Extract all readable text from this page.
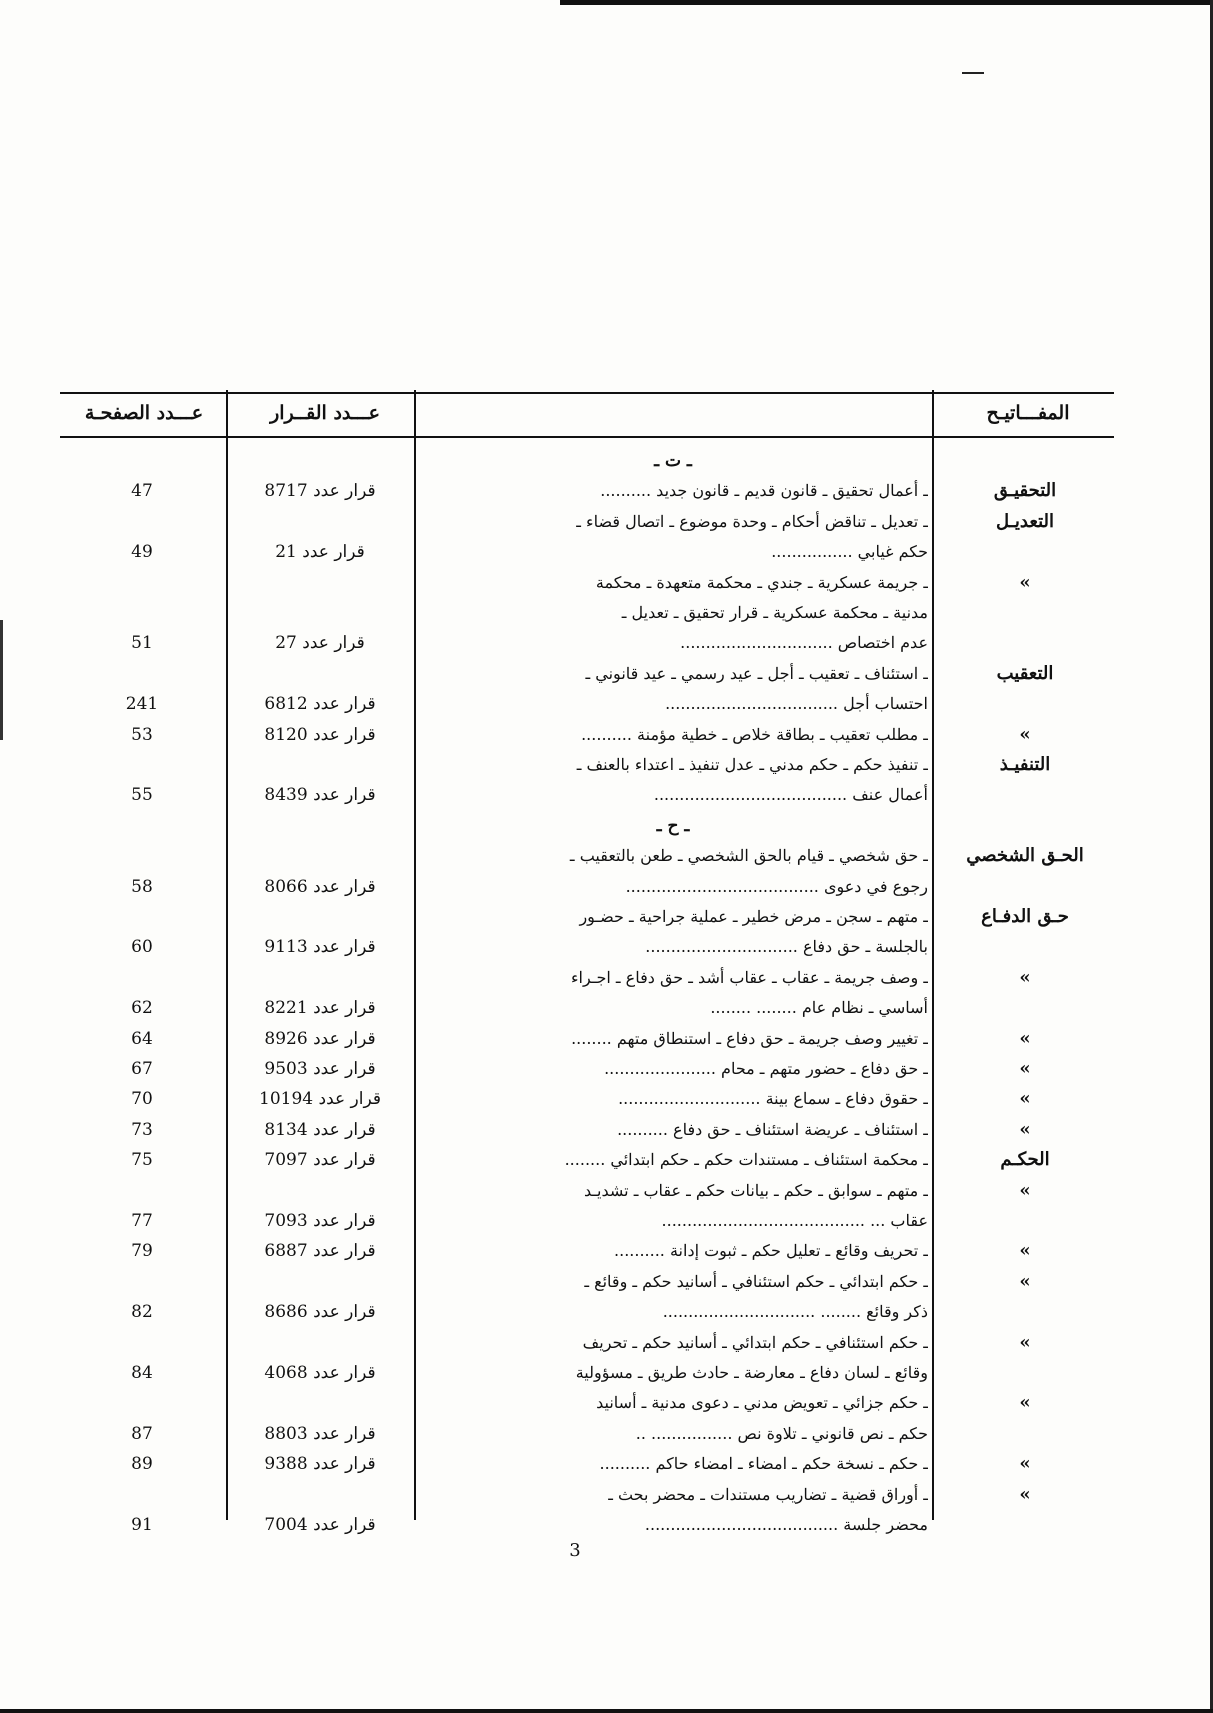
المفـــاتيـح
عـــدد القــرار
عـــدد الصفحـة
ـ ت ـ
التحقيـق
ـ أعمال تحقيق ـ قانون قديم ـ قانون جديد ..........
قرار عدد 8717
47
التعديـل
ـ تعديل ـ تناقض أحكام ـ وحدة موضوع ـ اتصال قضاء ـ
حكم غيابي ................
قرار عدد 21
49
»
ـ جريمة عسكرية ـ جندي ـ محكمة متعهدة ـ محكمة
مدنية ـ محكمة عسكرية ـ قرار تحقيق ـ تعديل ـ
عدم اختصاص ..............................
قرار عدد 27
51
التعقيب
ـ استئناف ـ تعقيب ـ أجل ـ عيد رسمي ـ عيد قانوني ـ
احتساب أجل ..................................
قرار عدد 6812
241
»
ـ مطلب تعقيب ـ بطاقة خلاص ـ خطية مؤمنة ..........
قرار عدد 8120
53
التنفيـذ
ـ تنفيذ حكم ـ حكم مدني ـ عدل تنفيذ ـ اعتداء بالعنف ـ
أعمال عنف ......................................
قرار عدد 8439
55
ـ ح ـ
الحـق الشخصي
ـ حق شخصي ـ قيام بالحق الشخصي ـ طعن بالتعقيب ـ
رجوع في دعوى ......................................
قرار عدد 8066
58
حـق الدفـاع
ـ متهم ـ سجن ـ مرض خطير ـ عملية جراحية ـ حضـور
بالجلسة ـ حق دفاع ..............................
قرار عدد 9113
60
»
ـ وصف جريمة ـ عقاب ـ عقاب أشد ـ حق دفاع ـ اجـراء
أساسي ـ نظام عام ........ ........
قرار عدد 8221
62
»
ـ تغيير وصف جريمة ـ حق دفاع ـ استنطاق متهم ........
قرار عدد 8926
64
»
ـ حق دفاع ـ حضور متهم ـ محام ......................
قرار عدد 9503
67
»
ـ حقوق دفاع ـ سماع بينة ............................
قرار عدد 10194
70
»
ـ استئناف ـ عريضة استئناف ـ حق دفاع ..........
قرار عدد 8134
73
الحكـم
ـ محكمة استئناف ـ مستندات حكم ـ حكم ابتدائي ........
قرار عدد 7097
75
»
ـ متهم ـ سوابق ـ حكم ـ بيانات حكم ـ عقاب ـ تشديـد
عقاب ... ........................................
قرار عدد 7093
77
»
ـ تحريف وقائع ـ تعليل حكم ـ ثبوت إدانة ..........
قرار عدد 6887
79
»
ـ حكم ابتدائي ـ حكم استئنافي ـ أسانيد حكم ـ وقائع ـ
ذكر وقائع ........ ..............................
قرار عدد 8686
82
»
ـ حكم استئنافي ـ حكم ابتدائي ـ أسانيد حكم ـ تحريف
وقائع ـ لسان دفاع ـ معارضة ـ حادث طريق ـ مسؤولية
قرار عدد 4068
84
»
ـ حكم جزائي ـ تعويض مدني ـ دعوى مدنية ـ أسانيد
حكم ـ نص قانوني ـ تلاوة نص ................ ..
قرار عدد 8803
87
»
ـ حكم ـ نسخة حكم ـ امضاء ـ امضاء حاكم ..........
قرار عدد 9388
89
»
ـ أوراق قضية ـ تضاريب مستندات ـ محضر بحث ـ
محضر جلسة ......................................
قرار عدد 7004
91
3
